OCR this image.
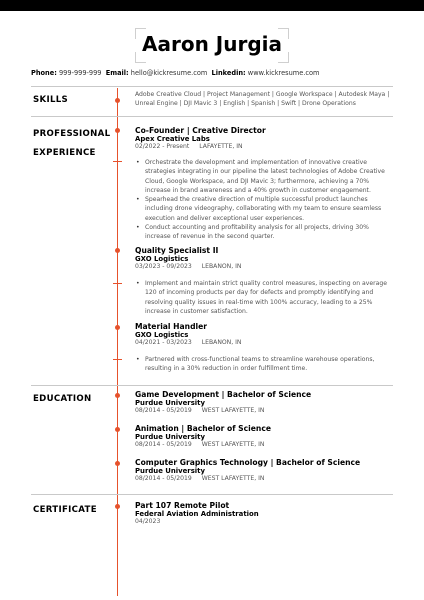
Aaron Jurgia
Phone: 999-999-999 Email: hello@kickresume.com Linkedin: www.kickresume.com
SKILLS
Adobe Creative Cloud | Project Management | Google Workspace | Autodesk Maya | Unreal Engine | DJI Mavic 3 | English | Spanish | Swift | Drone Operations
PROFESSIONAL
EXPERIENCE
Co-Founder | Creative Director
Apex Creative Labs
02/2022 - Present LAFAYETTE, IN
• Orchestrate the development and implementation of innovative creative strategies integrating in our pipeline the latest technologies of Adobe Creative Cloud, Google Workspace, and DJI Mavic 3; furthermore, achieving a 70% increase in brand awareness and a 40% growth in customer engagement.
• Spearhead the creative direction of multiple successful product launches including drone videography, collaborating with my team to ensure seamless execution and deliver exceptional user experiences.
• Conduct accounting and profitability analysis for all projects, driving 30% increase of revenue in the second quarter.
Quality Specialist II
GXO Logistics
03/2023 - 09/2023 LEBANON, IN
• Implement and maintain strict quality control measures, inspecting on average 120 of incoming products per day for defects and promptly identifying and resolving quality issues in real-time with 100% accuracy, leading to a 25% increase in customer satisfaction.
Material Handler
GXO Logistics
04/2021 - 03/2023 LEBANON, IN
• Partnered with cross-functional teams to streamline warehouse operations, resulting in a 30% reduction in order fulfillment time.
EDUCATION	Game Development | Bachelor of Science
Purdue University
08/2014 - 05/2019 WEST LAFAYETTE, IN
Animation | Bachelor of Science
Purdue University
08/2014 - 05/2019 WEST LAFAYETTE, IN
Computer Graphics Technology | Bachelor of Science
Purdue University
08/2014 - 05/2019 WEST LAFAYETTE, IN
CERTIFICATE	Part 107 Remote Pilot
Federal Aviation Administration
04/2023
